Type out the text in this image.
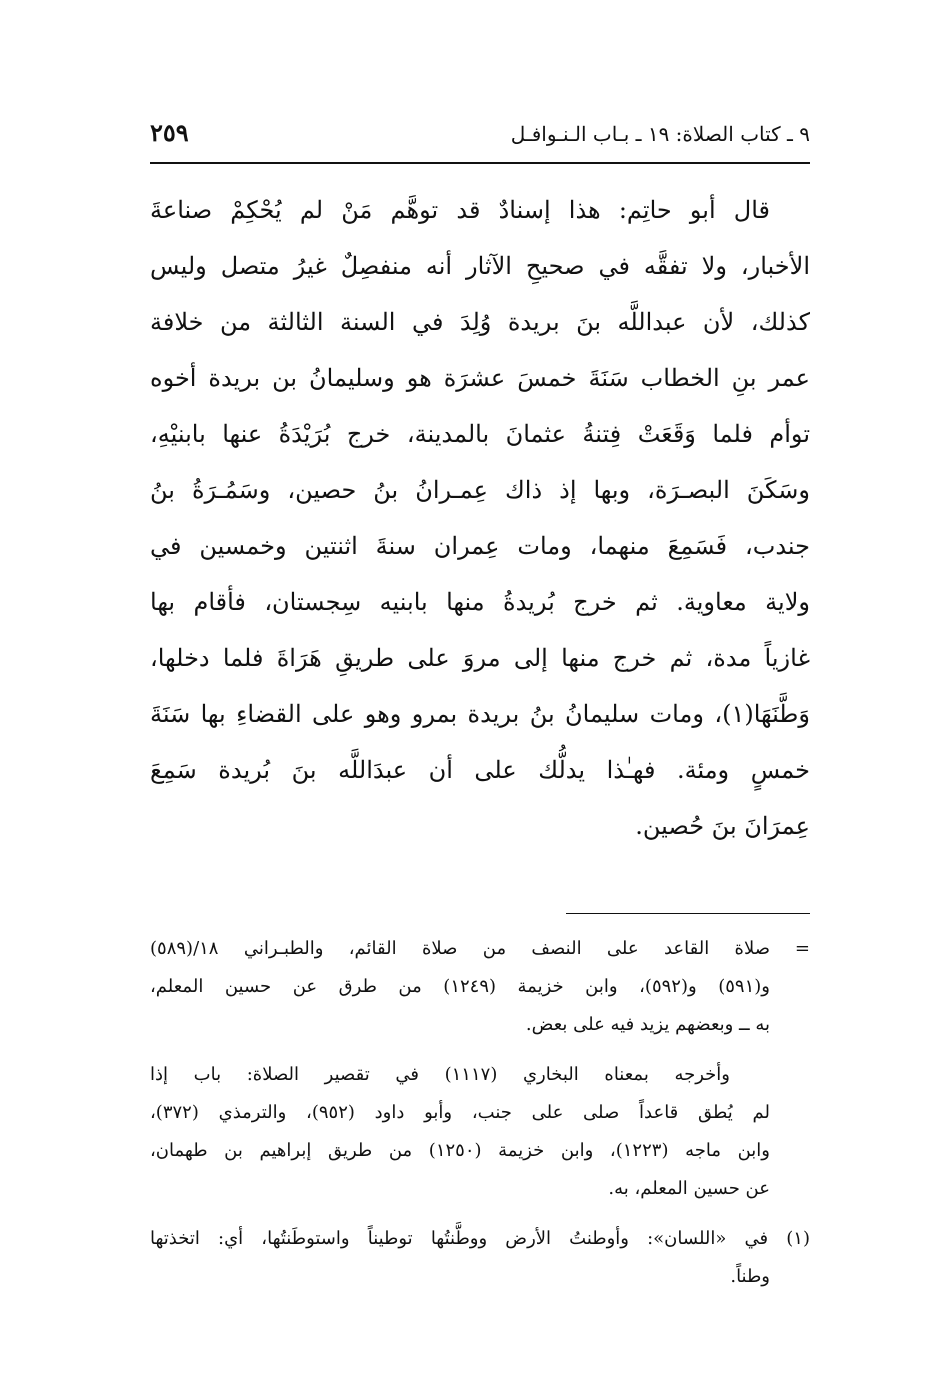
٩ ـ كتاب الصلاة: ١٩ ـ بـاب الـنـوافـل
٢٥٩
قال أبو حاتِم: هذا إسنادٌ قد توهَّم مَنْ لم يُحْكِمْ صناعةَ
الأخبار، ولا تفقَّه في صحيحِ الآثار أنه منفصِلٌ غيرُ متصل وليس
كذلك، لأن عبداللَّه بنَ بريدة وُلِدَ في السنة الثالثة من خلافة
عمر بنِ الخطاب سَنَةَ خمسَ عشرَة هو وسليمانُ بن بريدة أخوه
توأم فلما وَقَعَتْ فِتنةُ عثمانَ بالمدينة، خرج بُرَيْدَةُ عنها بابنيْهِ،
وسَكَنَ البصـرَة، وبها إذ ذاك عِمـرانُ بنُ حصين، وسَمُـرَةُ بنُ
جندب، فَسَمِعَ منهما، ومات عِمران سنةَ اثنتين وخمسين في
ولاية معاوية. ثم خرج بُريدةُ منها بابنيه سِجستان، فأقام بها
غازياً مدة، ثم خرج منها إلى مروَ على طريقِ هَرَاةَ فلما دخلها،
وَطَّنَهَا(١)، ومات سليمانُ بنُ بريدة بمرو وهو على القضاءِ بها سَنَةَ
خمسٍ ومئة. فهـٰذا يدلُّك على أن عبدَاللَّه بنَ بُريدة سَمِعَ
عِمرَانَ بنَ حُصين.
=
صلاة القاعد على النصف من صلاة القائم، والطبـراني ١٨/(٥٨٩)
و(٥٩١) و(٥٩٢)، وابن خزيمة (١٢٤٩) من طرق عن حسين المعلم،
به ــ وبعضهم يزيد فيه على بعض.
وأخرجه بمعناه البخاري (١١١٧) في تقصير الصلاة: باب إذا
لم يُطق قاعداً صلى على جنب، وأبو داود (٩٥٢)، والترمذي (٣٧٢)،
وابن ماجه (١٢٢٣)، وابن خزيمة (١٢٥٠) من طريق إبراهيم بن طهمان،
عن حسين المعلم، به.
(١) في «اللسان»: وأوطنتُ الأرض ووطَّنتُها توطيناً واستوطَنتُها، أي: اتخذتها
وطناً.
